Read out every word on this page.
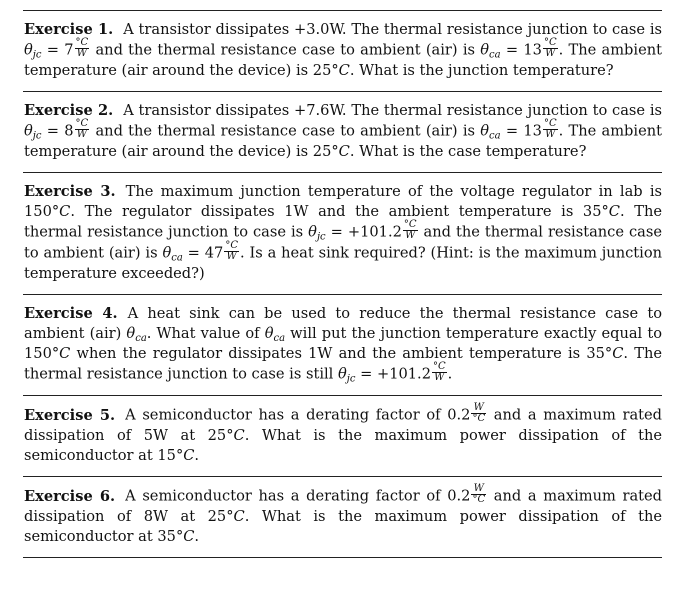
Exercise 1. A transistor dissipates +3.0W. The thermal resistance junction to case is $\theta_{jc} = 7 \frac{^\circ C}{W}$ and the thermal resistance case to ambient (air) is $\theta_{ca} = 13 \frac{^\circ C}{W}$ . The ambient temperature (air around the device) is 25°C. What is the junction temperature?
Exercise 2. A transistor dissipates +7.6W. The thermal resistance junction to case is $\theta_{jc} = 8 \frac{^\circ C}{W}$ and the thermal resistance case to ambient (air) is $\theta_{ca} = 13 \frac{^\circ C}{W}$ . The ambient temperature (air around the device) is 25°C. What is the case temperature?
Exercise 3. The maximum junction temperature of the voltage regulator in lab is 150°C. The regulator dissipates 1W and the ambient temperature is 35°C. The thermal resistance junction to case is $\theta_{jc} = +101.2 \frac{^\circ C}{W}$ and the thermal resistance case to ambient (air) is $\theta_{ca} = 47 \frac{^\circ C}{W}$ . Is a heat sink required? (Hint: is the maximum junction temperature exceeded?)
Exercise 4. A heat sink can be used to reduce the thermal resistance case to ambient (air) $\theta_{ca}$. What value of $\theta_{ca}$ will put the junction temperature exactly equal to 150°C when the regulator dissipates 1W and the ambient temperature is 35°C. The thermal resistance junction to case is still $\theta_{jc} = +101.2 \frac{^\circ C}{W}$ .
Exercise 5. A semiconductor has a derating factor of $0.2 \frac{W}{^\circ C}$ and a maximum rated dissipation of 5W at 25°C. What is the maximum power dissipation of the semiconductor at 15°C.
Exercise 6. A semiconductor has a derating factor of $0.2 \frac{W}{^\circ C}$ and a maximum rated dissipation of 8W at 25°C. What is the maximum power dissipation of the semiconductor at 35°C.
